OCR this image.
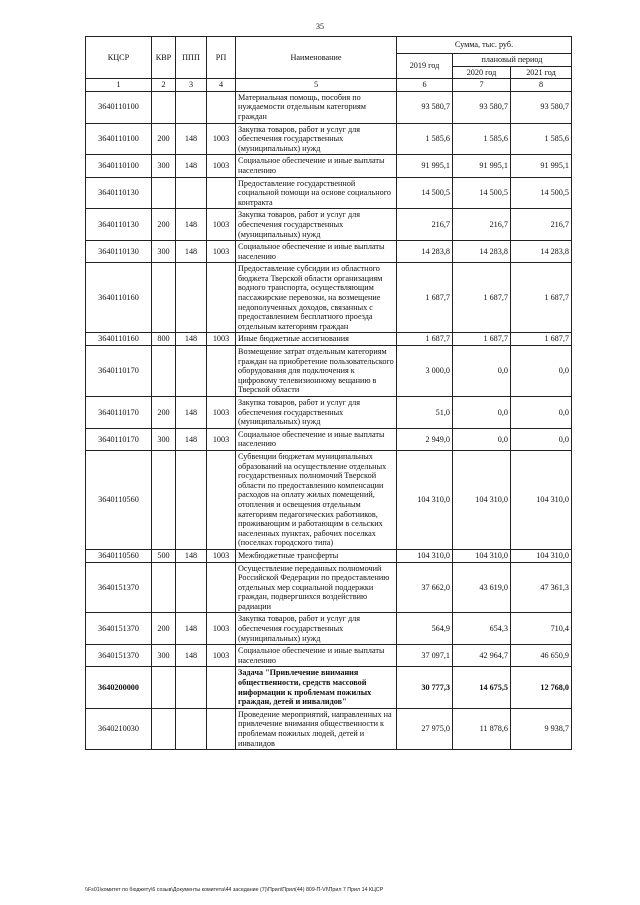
35
КЦСР	КВР	ППП	РП	Наименование	Сумма, тыс. руб.		
					2019 год	плановый период	
						2020 год	2021 год
1	2	3	4	5	6	7	8
3640110100				Материальная помощь, пособия по нуждаемости отдельным категориям граждан	93 580,7	93 580,7	93 580,7
3640110100	200	148	1003	Закупка товаров, работ и услуг для обеспечения государственных (муниципальных) нужд	1 585,6	1 585,6	1 585,6
3640110100	300	148	1003	Социальное обеспечение и иные выплаты населению	91 995,1	91 995,1	91 995,1
3640110130				Предоставление государственной социальной помощи на основе социального контракта	14 500,5	14 500,5	14 500,5
3640110130	200	148	1003	Закупка товаров, работ и услуг для обеспечения государственных (муниципальных) нужд	216,7	216,7	216,7
3640110130	300	148	1003	Социальное обеспечение и иные выплаты населению	14 283,8	14 283,8	14 283,8
3640110160				Предоставление субсидии из областного бюджета Тверской области организациям водного транспорта, осуществляющим пассажирские перевозки, на возмещение недополученных доходов, связанных с предоставлением бесплатного проезда отдельным категориям граждан	1 687,7	1 687,7	1 687,7
3640110160	800	148	1003	Иные бюджетные ассигнования	1 687,7	1 687,7	1 687,7
3640110170				Возмещение затрат отдельным категориям граждан на приобретение пользовательского оборудования для подключения к цифровому телевизионному вещанию в Тверской области	3 000,0	0,0	0,0
3640110170	200	148	1003	Закупка товаров, работ и услуг для обеспечения государственных (муниципальных) нужд	51,0	0,0	0,0
3640110170	300	148	1003	Социальное обеспечение и иные выплаты населению	2 949,0	0,0	0,0
3640110560				Субвенции бюджетам муниципальных образований на осуществление отдельных государственных полномочий Тверской области по предоставлению компенсации расходов на оплату жилых помещений, отопления и освещения отдельным категориям педагогических работников, проживающим и работающим в сельских населенных пунктах, рабочих поселках (поселках городского типа)	104 310,0	104 310,0	104 310,0
3640110560	500	148	1003	Межбюджетные трансферты	104 310,0	104 310,0	104 310,0
3640151370				Осуществление переданных полномочий Российской Федерации по предоставлению отдельных мер социальной поддержки граждан, подвергшихся воздействию радиации	37 662,0	43 619,0	47 361,3
3640151370	200	148	1003	Закупка товаров, работ и услуг для обеспечения государственных (муниципальных) нужд	564,9	654,3	710,4
3640151370	300	148	1003	Социальное обеспечение и иные выплаты населению	37 097,1	42 964,7	46 650,9
3640200000				Задача "Привлечение внимания общественности, средств массовой информации к проблемам пожилых граждан, детей и инвалидов"	30 777,3	14 675,5	12 768,0
3640210030				Проведение мероприятий, направленных на привлечение внимания общественности к проблемам пожилых людей, детей и инвалидов	27 975,0	11 878,6	9 938,7
\\Fs01\комитет по бюджету\6 созыв\Документы комитета\44 заседание (7)\Прил\Прил(44) 809-П-VI\Прил 7 Прил 14 КЦСР
